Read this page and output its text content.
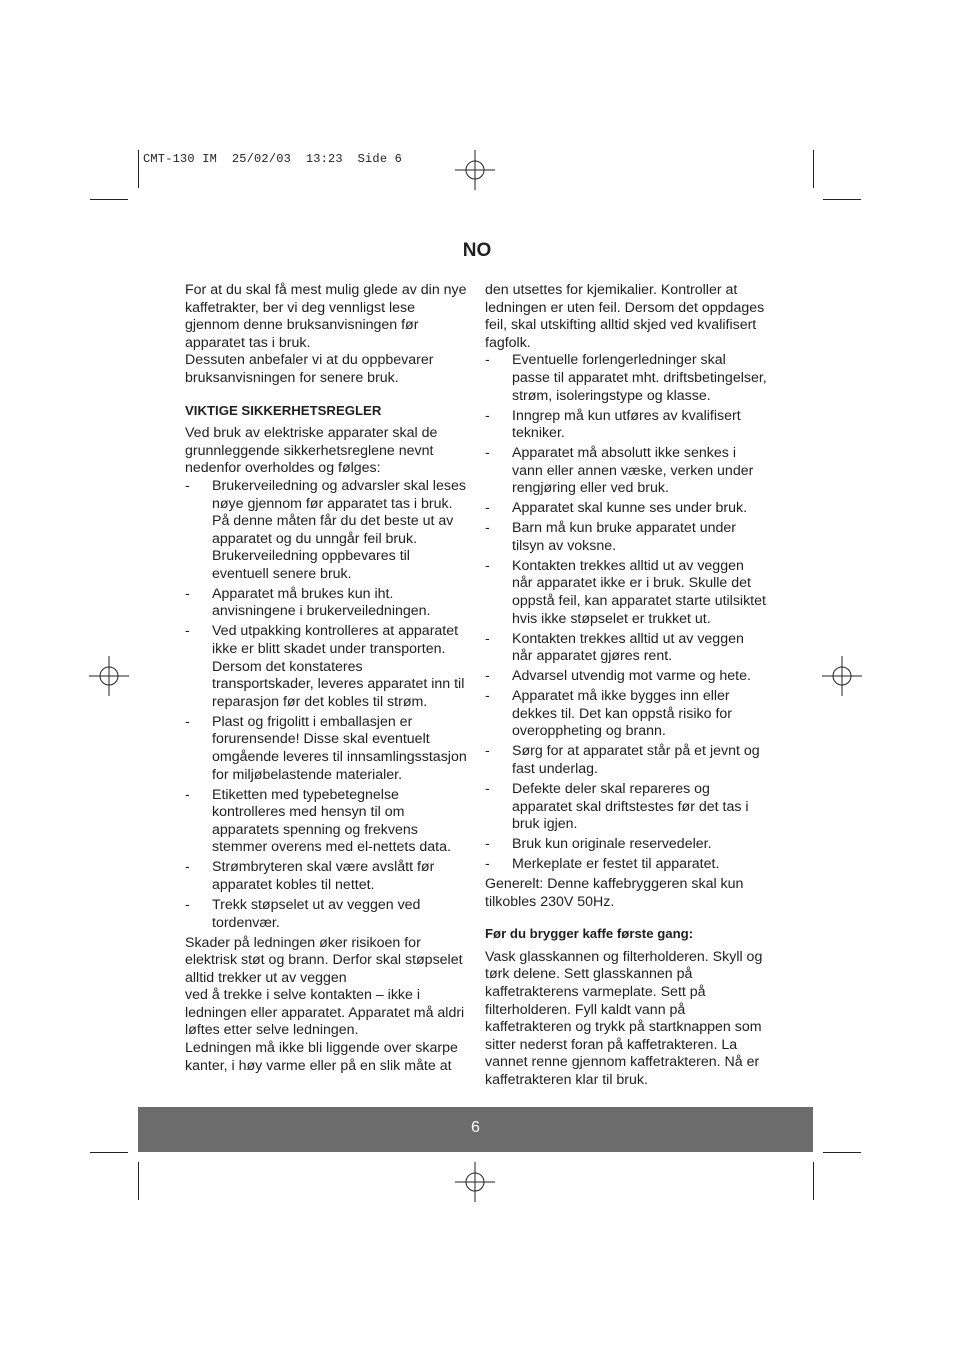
CMT-130 IM  25/02/03  13:23  Side 6
NO

For at du skal få mest mulig glede av din nye kaffetrakter, ber vi deg vennligst lese gjennom denne bruksanvisningen før apparatet tas i bruk.

Dessuten anbefaler vi at du oppbevarer bruksanvisningen for senere bruk.

VIKTIGE SIKKERHETSREGLER

Ved bruk av elektriske apparater skal de grunnleggende sikkerhetsreglene nevnt nedenfor overholdes og følges:

- Brukerveiledning og advarsler skal leses nøye gjennom før apparatet tas i bruk. På denne måten får du det beste ut av apparatet og du unngår feil bruk. Brukerveiledning oppbevares til eventuell senere bruk.
- Apparatet må brukes kun iht. anvisningene i brukerveiledningen.
- Ved utpakking kontrolleres at apparatet ikke er blitt skadet under transporten. Dersom det konstateres transportskader, leveres apparatet inn til reparasjon før det kobles til strøm.
- Plast og frigolitt i emballasjen er forurensende! Disse skal eventuelt omgående leveres til innsamlingsstasjon for miljøbelastende materialer.
- Etiketten med typebetegnelse kontrolleres med hensyn til om apparatets spenning og frekvens stemmer overens med el-nettets data.
- Strømbryteren skal være avslått før apparatet kobles til nettet.
- Trekk støpselet ut av veggen ved tordenvær.

Skader på ledningen øker risikoen for elektrisk støt og brann. Derfor skal støpselet alltid trekker ut av veggen

ved å trekke i selve kontakten – ikke i ledningen eller apparatet. Apparatet må aldri løftes etter selve ledningen.

Ledningen må ikke bli liggende over skarpe kanter, i høy varme eller på en slik måte at

den utsettes for kjemikalier. Kontroller at ledningen er uten feil. Dersom det oppdages feil, skal utskifting alltid skjed ved kvalifisert fagfolk.

- Eventuelle forlengerledninger skal passe til apparatet mht. driftsbetingelser, strøm, isoleringstype og klasse.
- Inngrep må kun utføres av kvalifisert tekniker.
- Apparatet må absolutt ikke senkes i vann eller annen væske, verken under rengjøring eller ved bruk.
- Apparatet skal kunne ses under bruk.
- Barn må kun bruke apparatet under tilsyn av voksne.
- Kontakten trekkes alltid ut av veggen når apparatet ikke er i bruk. Skulle det oppstå feil, kan apparatet starte utilsiktet hvis ikke støpselet er trukket ut.
- Kontakten trekkes alltid ut av veggen når apparatet gjøres rent.
- Advarsel utvendig mot varme og hete.
- Apparatet må ikke bygges inn eller dekkes til. Det kan oppstå risiko for overoppheting og brann.
- Sørg for at apparatet står på et jevnt og fast underlag.
- Defekte deler skal repareres og apparatet skal driftstestes før det tas i bruk igjen.
- Bruk kun originale reservedeler.
- Merkeplate er festet til apparatet.

Generelt: Denne kaffebryggeren skal kun tilkobles 230V 50Hz.

Før du brygger kaffe første gang:

Vask glasskannen og filterholderen. Skyll og tørk delene. Sett glasskannen på kaffetrakterens varmeplate. Sett på filterholderen. Fyll kaldt vann på kaffetrakteren og trykk på startknappen som sitter nederst foran på kaffetrakteren. La vannet renne gjennom kaffetrakteren. Nå er kaffetrakteren klar til bruk.

6
